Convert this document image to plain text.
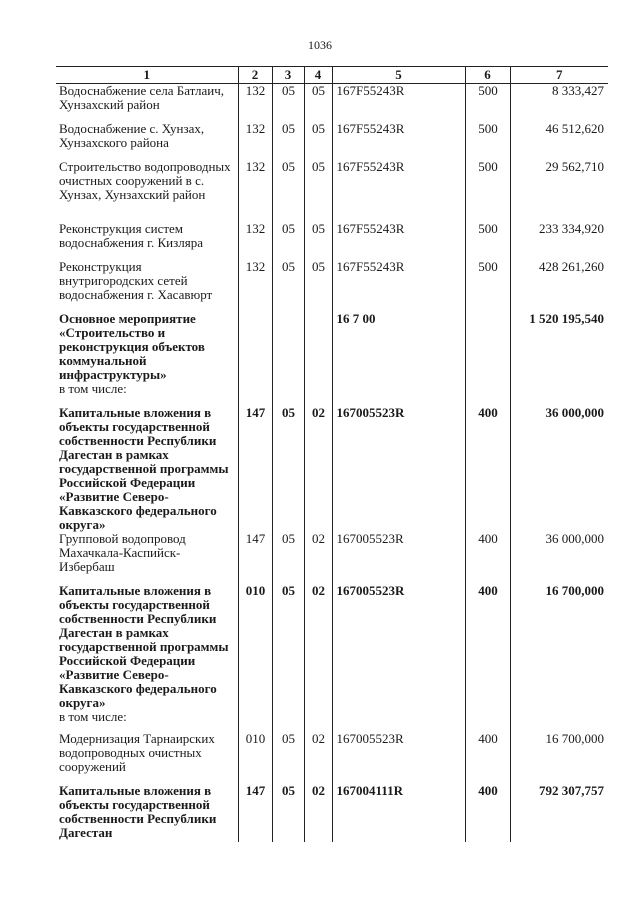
1036
1	2	3	4	5	6	7
Водоснабжение села Батлаич, Хунзахский район	132	05	05	167F55243R	500	8 333,427
Водоснабжение с. Хунзах, Хунзахского района	132	05	05	167F55243R	500	46 512,620
Строительство водопроводных очистных сооружений в с. Хунзах, Хунзахский район	132	05	05	167F55243R	500	29 562,710
Реконструкция систем водоснабжения г. Кизляра	132	05	05	167F55243R	500	233 334,920
Реконструкция внутригородских сетей водоснабжения г. Хасавюрт	132	05	05	167F55243R	500	428 261,260
Основное мероприятие «Строительство и реконструкция объектов коммунальной инфраструктуры»				16 7 00		1 520 195,540
в том числе:						
Капитальные вложения в объекты государственной собственности Республики Дагестан в рамках государственной программы Российской Федерации «Развитие Северо-Кавказского федерального округа»	147	05	02	167005523R	400	36 000,000
Групповой водопровод Махачкала-Каспийск-Избербаш	147	05	02	167005523R	400	36 000,000
Капитальные вложения в объекты государственной собственности Республики Дагестан в рамках государственной программы Российской Федерации «Развитие Северо-Кавказского федерального округа»	010	05	02	167005523R	400	16 700,000
в том числе:						
Модернизация Тарнаирских водопроводных очистных сооружений	010	05	02	167005523R	400	16 700,000
Капитальные вложения в объекты государственной собственности Республики Дагестан	147	05	02	167004111R	400	792 307,757
